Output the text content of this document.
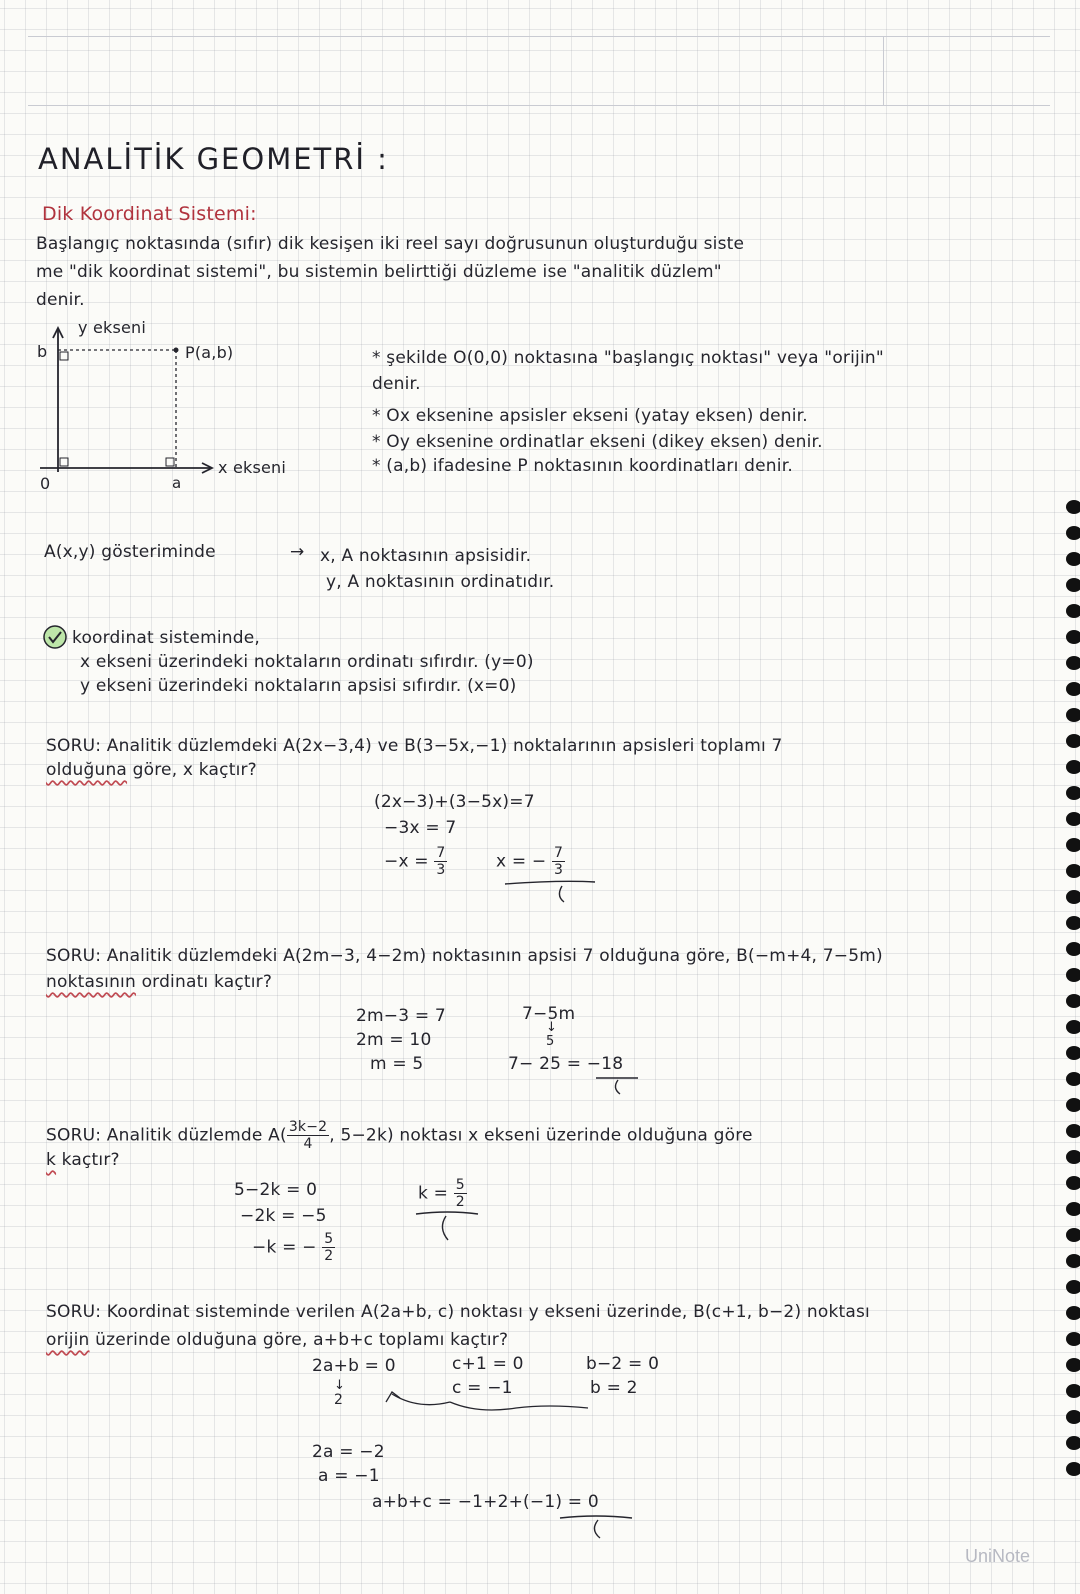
ANALİTİK GEOMETRİ :
Dik Koordinat Sistemi:
Başlangıç noktasında (sıfır) dik kesişen iki reel sayı doğrusunun oluşturduğu siste
me "dik koordinat sistemi", bu sistemin belirttiği düzleme ise "analitik düzlem"
denir.
y ekseni
P(a,b)
b
x ekseni
a
0
* şekilde O(0,0) noktasına "başlangıç noktası" veya "orijin"
denir.
* Ox eksenine apsisler ekseni (yatay eksen) denir.
* Oy eksenine ordinatlar ekseni (dikey eksen) denir.
* (a,b) ifadesine P noktasının koordinatları denir.
A(x,y) gösteriminde	→ x, A noktasının apsisidir.
y, A noktasının ordinatıdır.
koordinat sisteminde,
x ekseni üzerindeki noktaların ordinatı sıfırdır. (y=0)
y ekseni üzerindeki noktaların apsisi sıfırdır. (x=0)
SORU: Analitik düzlemdeki A(2x−3,4) ve B(3−5x,−1) noktalarının apsisleri toplamı 7
olduğuna göre, x kaçtır?
(2x−3)+(3−5x)=7
−3x = 7
$-x = \frac{7}{3}$	x = − $\frac{7}{3}$
SORU: Analitik düzlemdeki A(2m−3, 4−2m) noktasının apsisi 7 olduğuna göre, B(−m+4, 7−5m)
noktasının ordinatı kaçtır?
2m−3 = 7
2m = 10
m = 5
7−5m
↓
5
7− 25 = −18
SORU: Analitik düzlemde $A( \frac{3k-2}{4}$ , 5−2k) noktası x ekseni üzerinde olduğuna göre
k kaçtır?
5−2k = 0
−2k = −5
−k = − $\frac{5}{2}$
$k = \frac{5}{2}$
SORU: Koordinat sisteminde verilen A(2a+b, c) noktası y ekseni üzerinde, B(c+1, b−2) noktası
orijin üzerinde olduğuna göre, a+b+c toplamı kaçtır?
2a+b = 0
↓
2
c+1 = 0
c = −1
b−2 = 0
b = 2
2a = −2
a = −1
a+b+c = −1+2+(−1) = 0
UniNote
